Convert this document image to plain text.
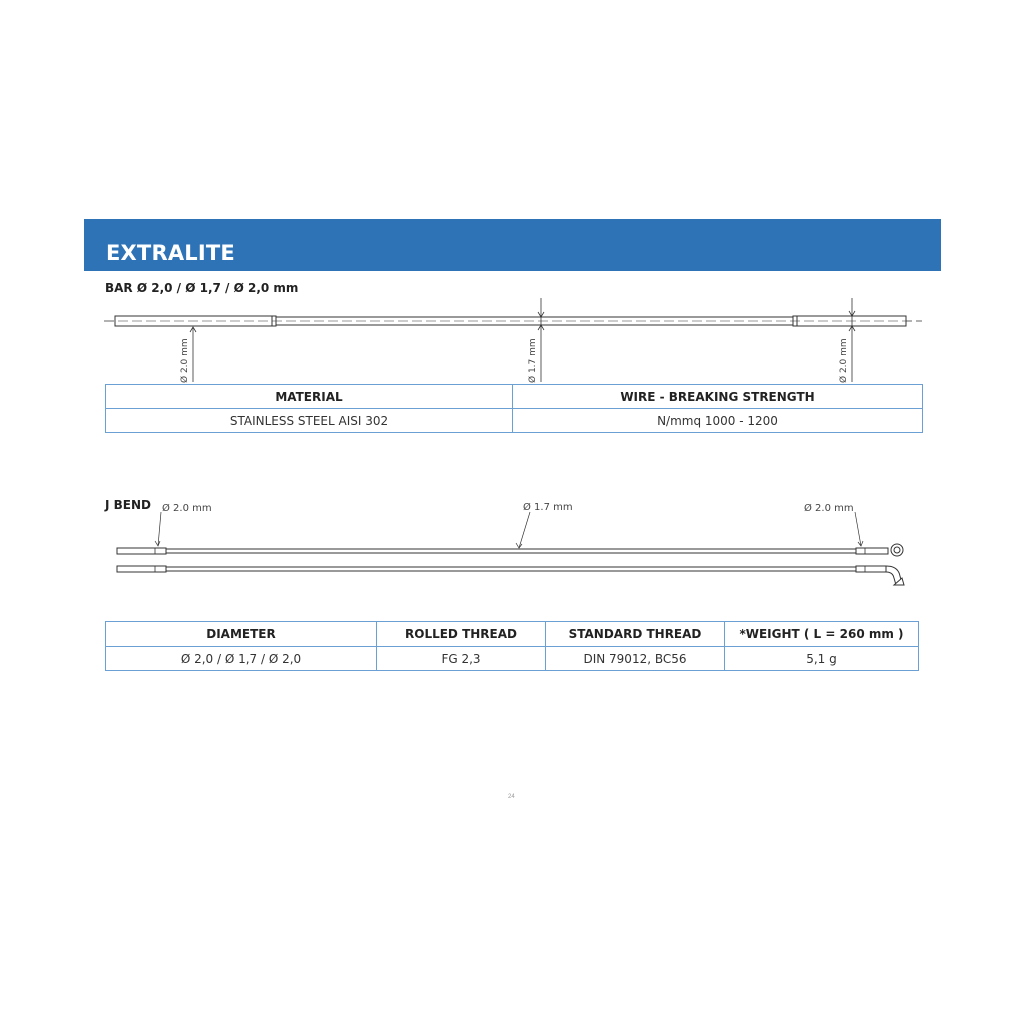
EXTRALITE
BAR Ø 2,0 / Ø 1,7 / Ø 2,0 mm
Ø 2.0 mm	Ø 1.7 mm	Ø 2.0 mm
Ø 2.0 mm	Ø 1.7 mm	Ø 2.0 mm
MATERIAL	WIRE - BREAKING STRENGTH
STAINLESS STEEL AISI 302	N/mmq 1000 - 1200
J BEND
DIAMETER	ROLLED THREAD	STANDARD THREAD	*WEIGHT ( L = 260 mm )
Ø 2,0 / Ø 1,7 / Ø 2,0	FG 2,3	DIN 79012, BC56	5,1 g
24
